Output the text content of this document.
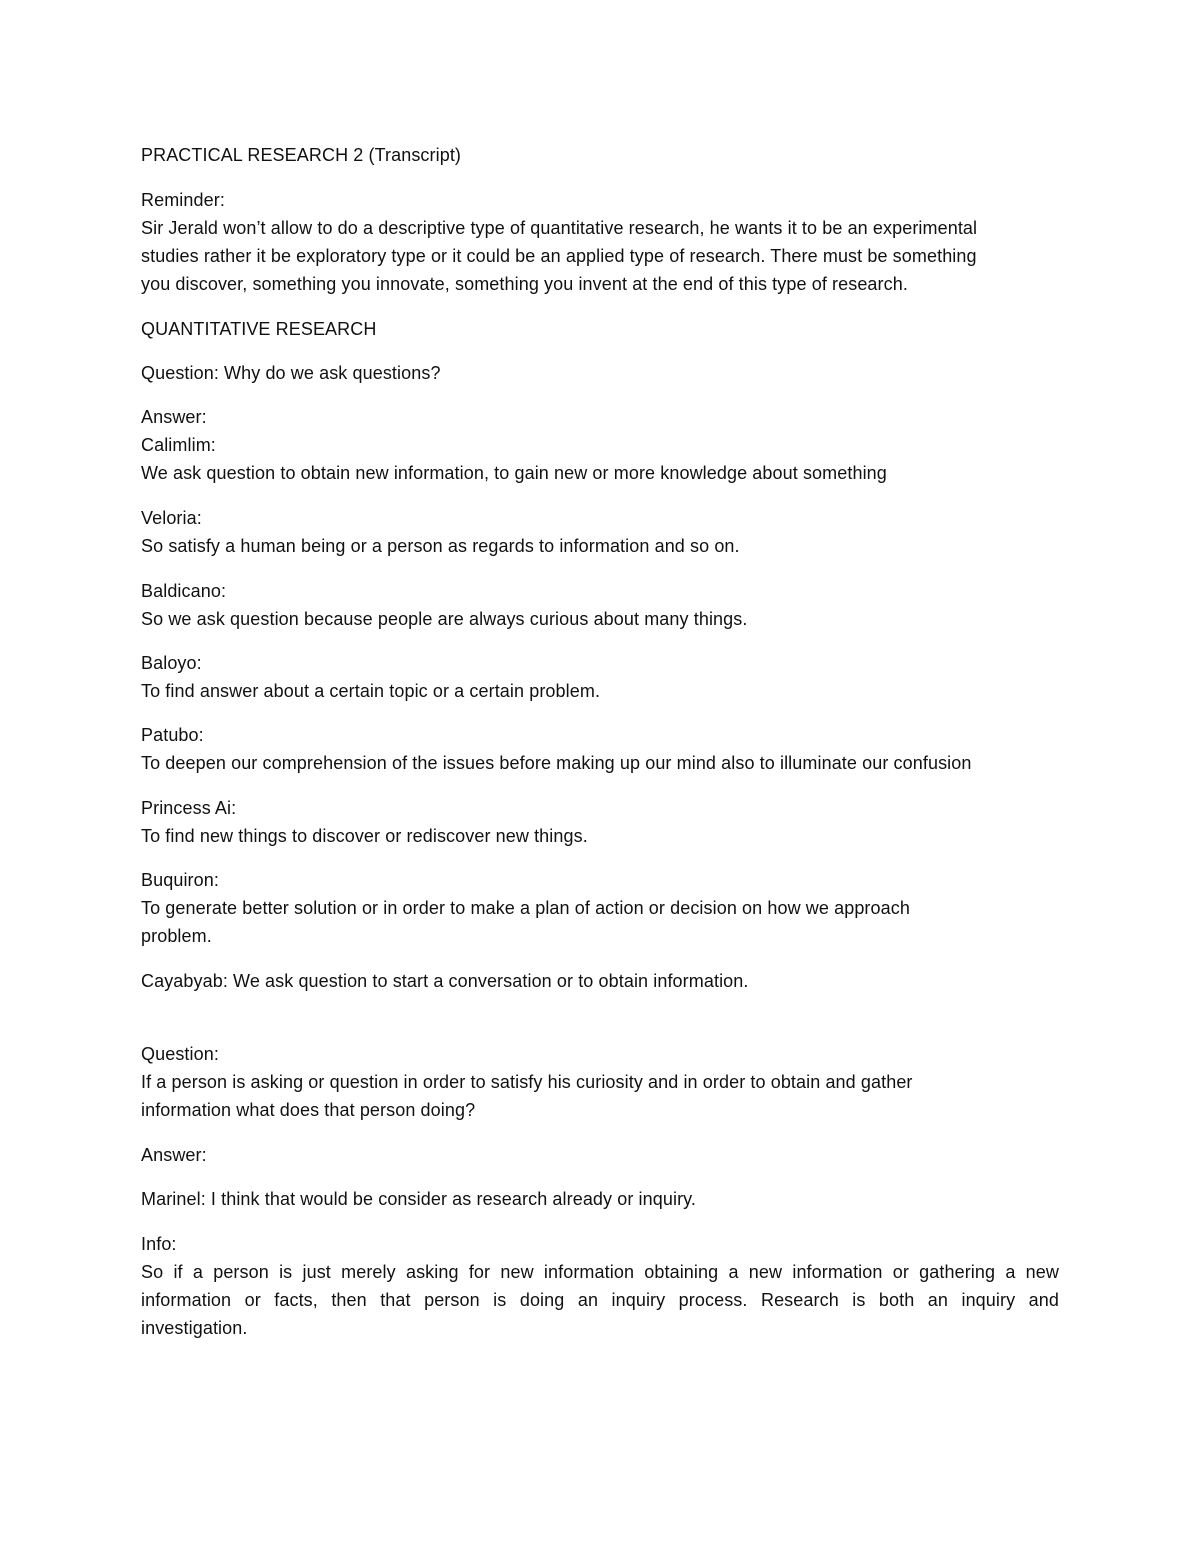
PRACTICAL RESEARCH 2 (Transcript)
Reminder:
Sir Jerald won’t allow to do a descriptive type of quantitative research, he wants it to be an experimental
studies rather it be exploratory type or it could be an applied type of research. There must be something
you discover, something you innovate, something you invent at the end of this type of research.
QUANTITATIVE RESEARCH
Question: Why do we ask questions?
Answer:
Calimlim:
We ask question to obtain new information, to gain new or more knowledge about something
Veloria:
So satisfy a human being or a person as regards to information and so on.
Baldicano:
So we ask question because people are always curious about many things.
Baloyo:
To find answer about a certain topic or a certain problem.
Patubo:
To deepen our comprehension of the issues before making up our mind also to illuminate our confusion
Princess Ai:
To find new things to discover or rediscover new things.
Buquiron:
To generate better solution or in order to make a plan of action or decision on how we approach
problem.
Cayabyab: We ask question to start a conversation or to obtain information.
Question:
If a person is asking or question in order to satisfy his curiosity and in order to obtain and gather
information what does that person doing?
Answer:
Marinel: I think that would be consider as research already or inquiry.
Info:
So if a person is just merely asking for new information obtaining a new information or gathering a new
information or facts, then that person is doing an inquiry process. Research is both an inquiry and
investigation.
